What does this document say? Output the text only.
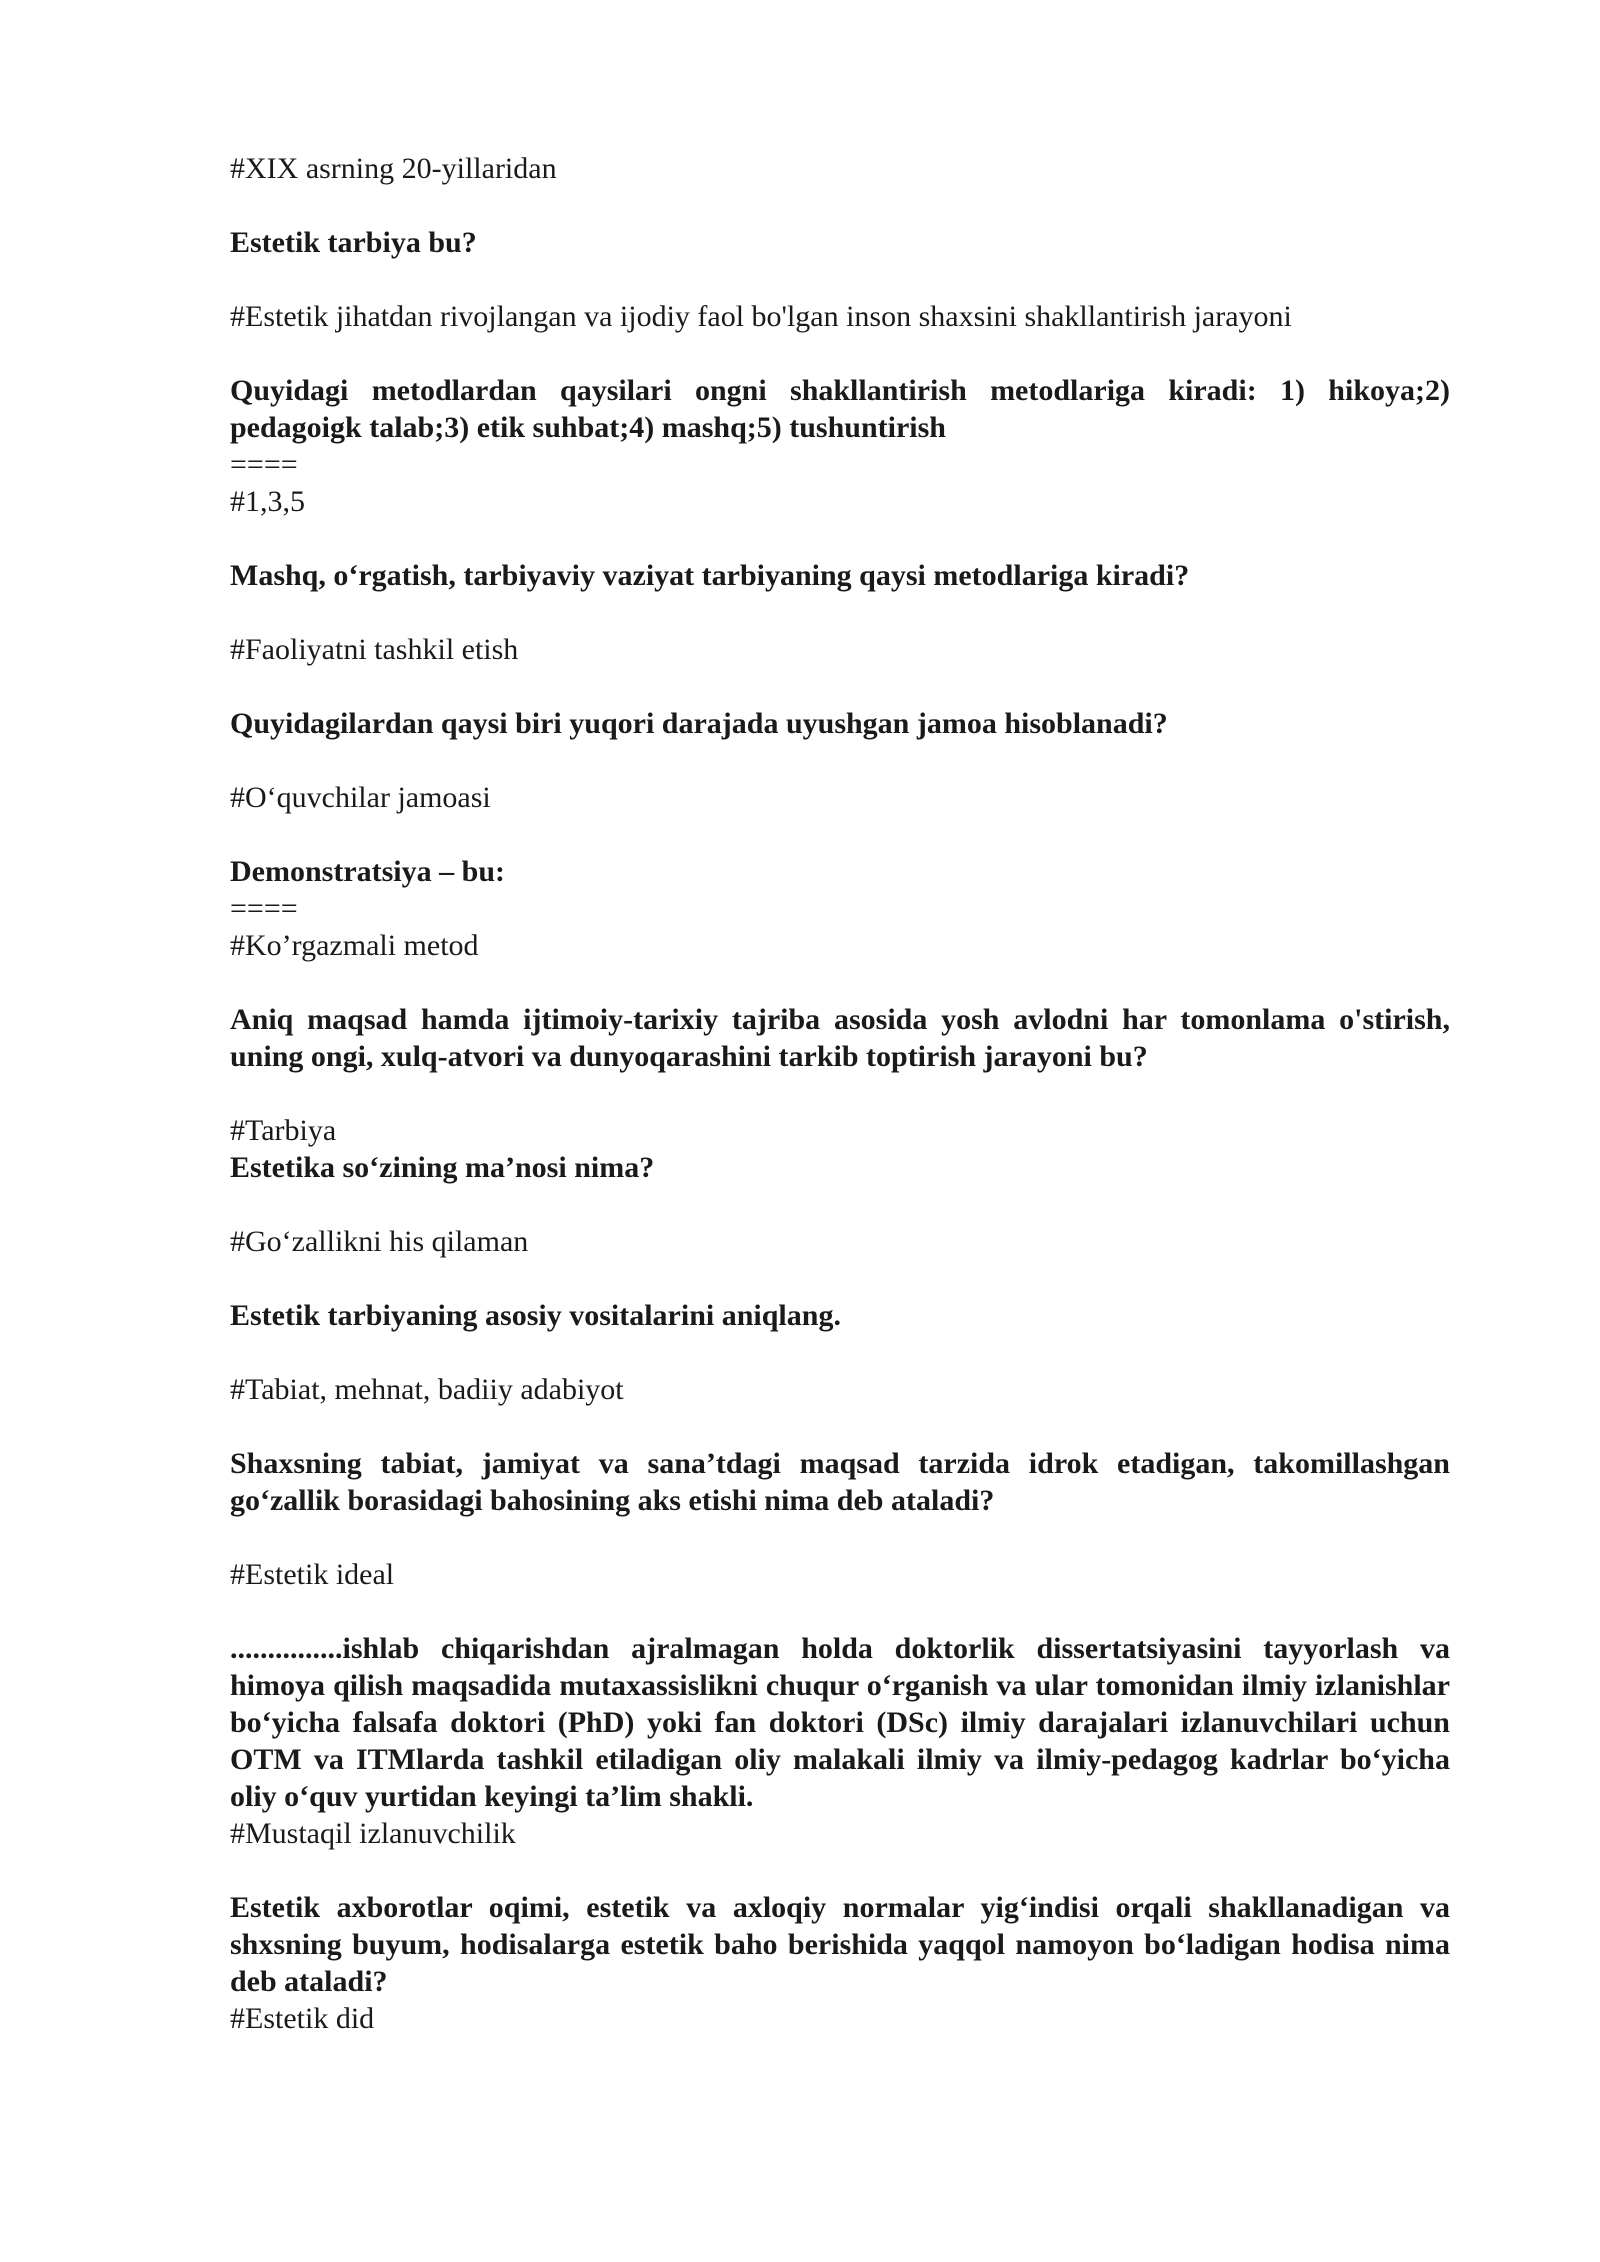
#XIX asrning 20-yillaridan

Estetik tarbiya bu?

#Estetik jihatdan rivojlangan va ijodiy faol bo'lgan inson shaxsini shakllantirish jarayoni

Quyidagi metodlardan qaysilari ongni shakllantirish metodlariga kiradi: 1) hikoya;2) pedagoigk talab;3) etik suhbat;4) mashq;5) tushuntirish

====

#1,3,5

Mashq, o‘rgatish, tarbiyaviy vaziyat tarbiyaning qaysi metodlariga kiradi?

#Faoliyatni tashkil etish

Quyidagilardan qaysi biri yuqori darajada uyushgan jamoa hisoblanadi?

#O‘quvchilar jamoasi

Demonstratsiya – bu:

====

#Ko’rgazmali metod

Aniq maqsad hamda ijtimoiy-tarixiy tajriba asosida yosh avlodni har tomonlama o'stirish, uning ongi, xulq-atvori va dunyoqarashini tarkib toptirish jarayoni bu?

#Tarbiya

Estetika so‘zining ma’nosi nima?

#Go‘zallikni his qilaman

Estetik tarbiyaning asosiy vositalarini aniqlang.

#Tabiat, mehnat, badiiy adabiyot

Shaxsning tabiat, jamiyat va sana’tdagi maqsad tarzida idrok etadigan, takomillashgan go‘zallik borasidagi bahosining aks etishi nima deb ataladi?

#Estetik ideal

...............ishlab chiqarishdan ajralmagan holda doktorlik dissertatsiyasini tayyorlash va himoya qilish maqsadida mutaxassislikni chuqur o‘rganish va ular tomonidan ilmiy izlanishlar bo‘yicha falsafa doktori (PhD) yoki fan doktori (DSc) ilmiy darajalari izlanuvchilari uchun OTM va ITMlarda tashkil etiladigan oliy malakali ilmiy va ilmiy-pedagog kadrlar bo‘yicha oliy o‘quv yurtidan keyingi ta’lim shakli.

#Mustaqil izlanuvchilik

Estetik axborotlar oqimi, estetik va axloqiy normalar yig‘indisi orqali shakllanadigan va shxsning buyum, hodisalarga estetik baho berishida yaqqol namoyon bo‘ladigan hodisa nima deb ataladi?

#Estetik did
